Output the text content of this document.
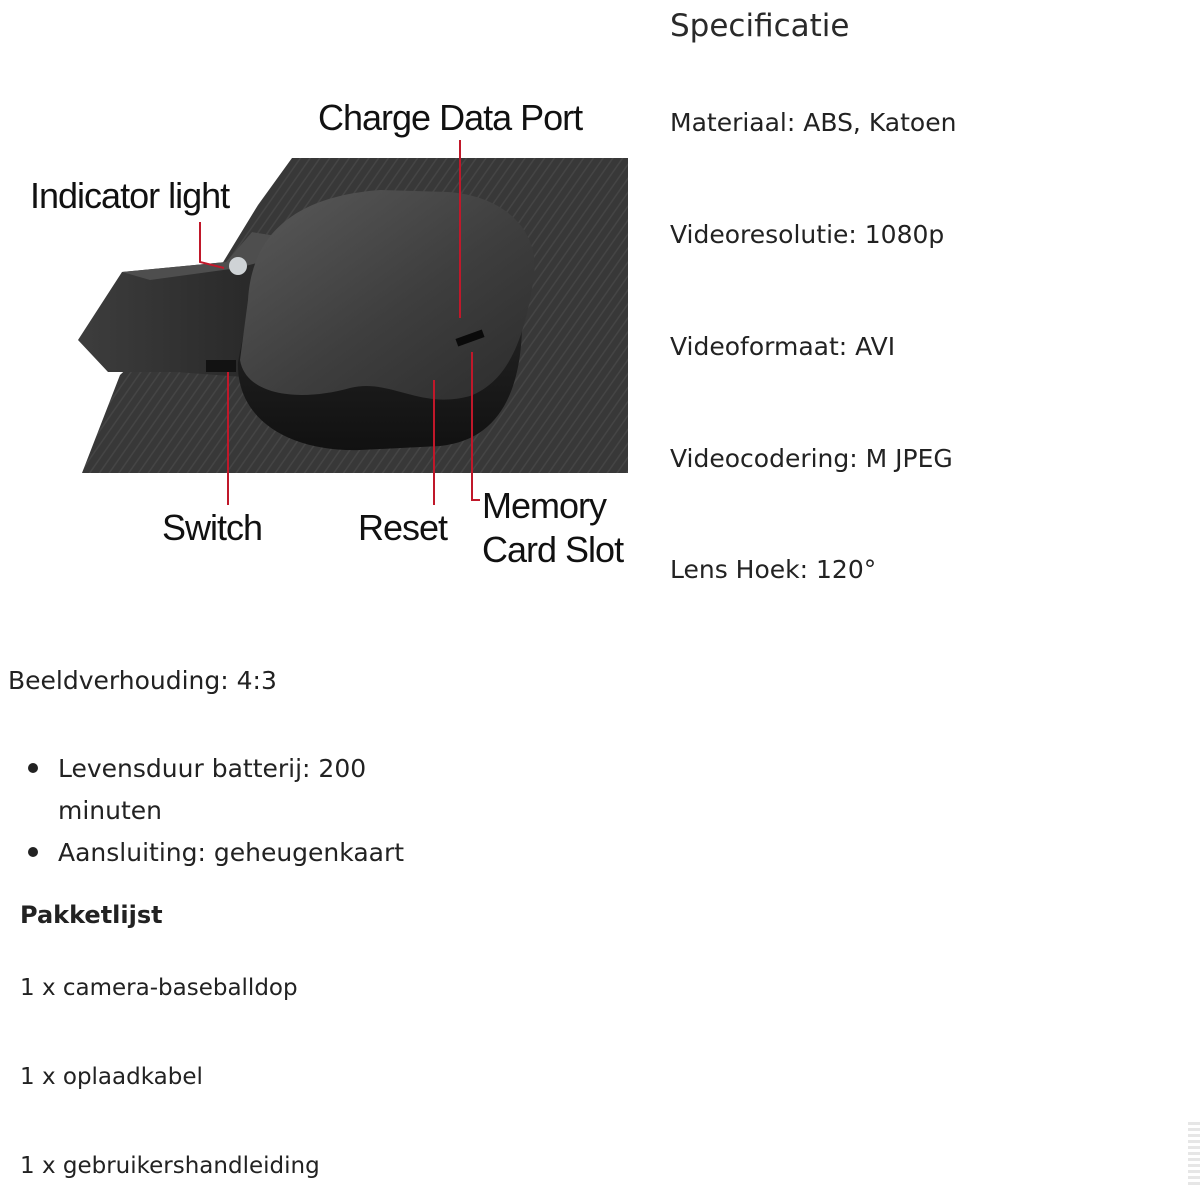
Charge Data Port
Indicator light
Switch	Reset
Memory
Card Slot
Specificatie
Materiaal: ABS, Katoen
Videoresolutie: 1080p
Videoformaat: AVI
Videocodering: M JPEG
Lens Hoek: 120°
Beeldverhouding: 4:3
Levensduur batterij: 200 minuten
Aansluiting: geheugenkaart
Pakketlijst
1 x camera-baseballdop
1 x oplaadkabel
1 x gebruikershandleiding
